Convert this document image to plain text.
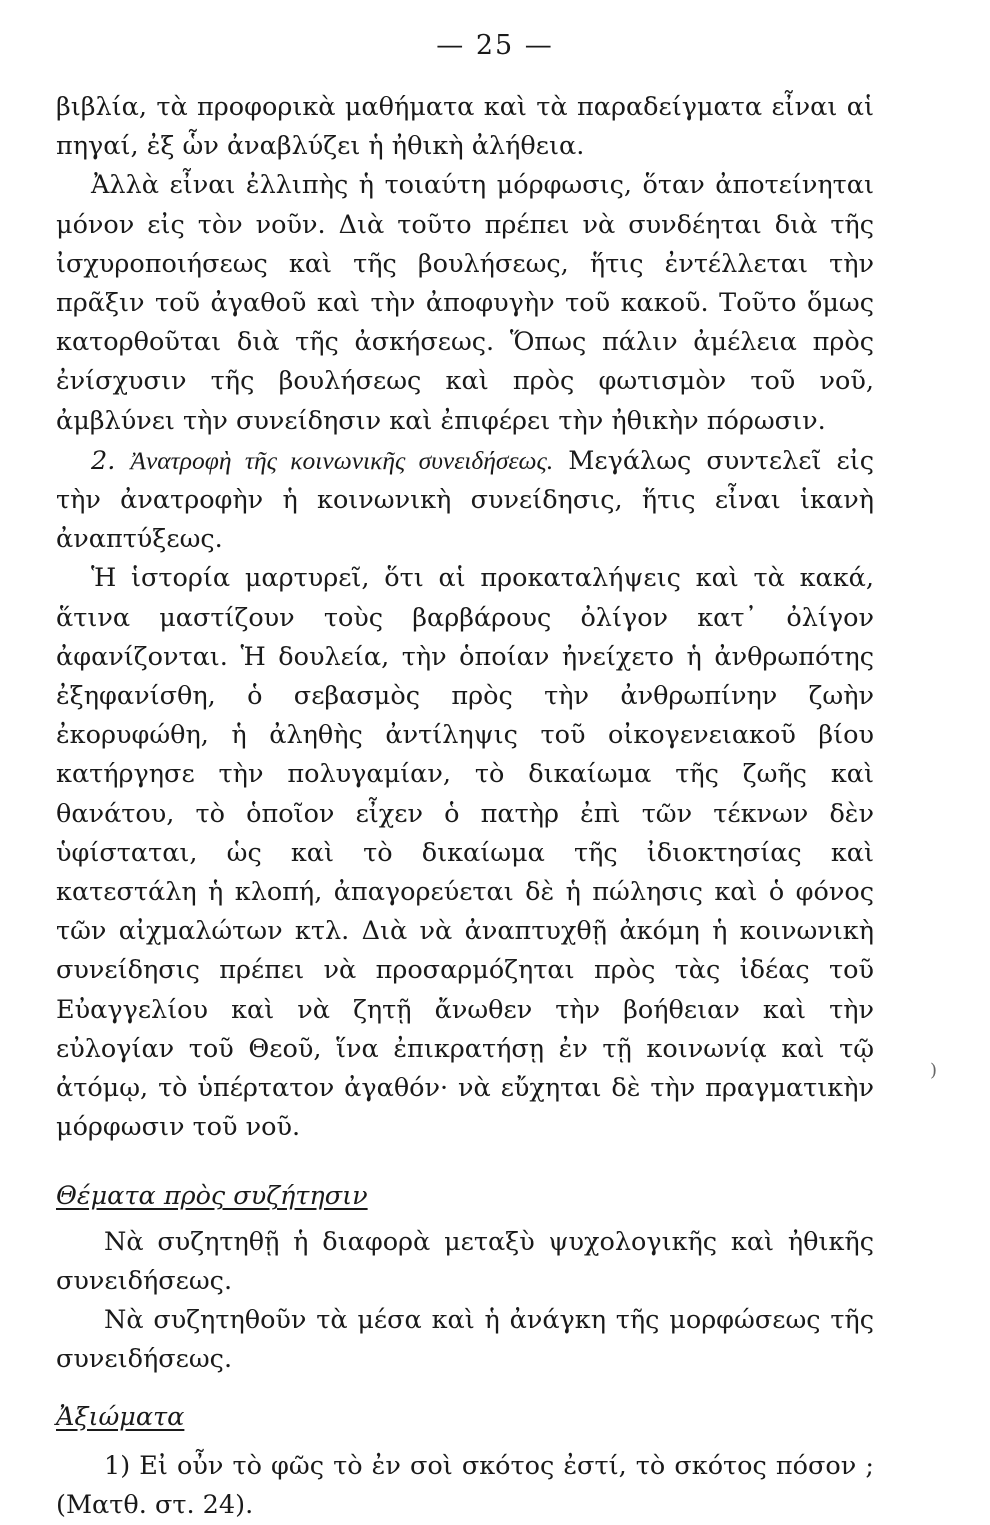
— 25 —

βιβλία, τὰ προφορικὰ μαθήματα καὶ τὰ παραδείγματα εἶναι αἱ πηγαί, ἐξ ὧν ἀναβλύζει ἡ ἠθικὴ ἀλήθεια.

Ἀλλὰ εἶναι ἐλλιπὴς ἡ τοιαύτη μόρφωσις, ὅταν ἀποτείνηται μόνον εἰς τὸν νοῦν. Διὰ τοῦτο πρέπει νὰ συνδέηται διὰ τῆς ἰσχυροποιήσεως καὶ τῆς βουλήσεως, ἥτις ἐντέλλεται τὴν πρᾶξιν τοῦ ἀγαθοῦ καὶ τὴν ἀποφυγὴν τοῦ κακοῦ. Τοῦτο ὅμως κατορθοῦται διὰ τῆς ἀσκήσεως. Ὅπως πάλιν ἀμέλεια πρὸς ἐνίσχυσιν τῆς βουλήσεως καὶ πρὸς φωτισμὸν τοῦ νοῦ, ἀμβλύνει τὴν συνείδησιν καὶ ἐπιφέρει τὴν ἠθικὴν πόρωσιν.

2. Ἀνατροφὴ τῆς κοινωνικῆς συνειδήσεως. Μεγάλως συντελεῖ εἰς τὴν ἀνατροφὴν ἡ κοινωνικὴ συνείδησις, ἥτις εἶναι ἱκανὴ ἀναπτύξεως.

Ἡ ἱστορία μαρτυρεῖ, ὅτι αἱ προκαταλήψεις καὶ τὰ κακά, ἅτινα μαστίζουν τοὺς βαρβάρους ὀλίγον κατ᾽ ὀλίγον ἀφανίζονται. Ἡ δουλεία, τὴν ὁποίαν ἠνείχετο ἡ ἀνθρωπότης ἐξηφανίσθη, ὁ σεβασμὸς πρὸς τὴν ἀνθρωπίνην ζωὴν ἐκορυφώθη, ἡ ἀληθὴς ἀντίληψις τοῦ οἰκογενειακοῦ βίου κατήργησε τὴν πολυγαμίαν, τὸ δικαίωμα τῆς ζωῆς καὶ θανάτου, τὸ ὁποῖον εἶχεν ὁ πατὴρ ἐπὶ τῶν τέκνων δὲν ὑφίσταται, ὡς καὶ τὸ δικαίωμα τῆς ἰδιοκτησίας καὶ κατεστάλη ἡ κλοπή, ἀπαγορεύεται δὲ ἡ πώλησις καὶ ὁ φόνος τῶν αἰχμαλώτων κτλ. Διὰ νὰ ἀναπτυχθῇ ἀκόμη ἡ κοινωνικὴ συνείδησις πρέπει νὰ προσαρμόζηται πρὸς τὰς ἰδέας τοῦ Εὐαγγελίου καὶ νὰ ζητῇ ἄνωθεν τὴν βοήθειαν καὶ τὴν εὐλογίαν τοῦ Θεοῦ, ἵνα ἐπικρατήσῃ ἐν τῇ κοινωνίᾳ καὶ τῷ ἀτόμῳ, τὸ ὑπέρτατον ἀγαθόν· νὰ εὔχηται δὲ τὴν πραγματικὴν μόρφωσιν τοῦ νοῦ.

Θέματα πρὸς συζήτησιν

Νὰ συζητηθῇ ἡ διαφορὰ μεταξὺ ψυχολογικῆς καὶ ἠθικῆς συνειδήσεως.

Νὰ συζητηθοῦν τὰ μέσα καὶ ἡ ἀνάγκη τῆς μορφώσεως τῆς συνειδήσεως.

Ἀξιώματα

1) Εἰ οὖν τὸ φῶς τὸ ἐν σοὶ σκότος ἐστί, τὸ σκότος πόσον ; (Ματθ. στ. 24).

)
